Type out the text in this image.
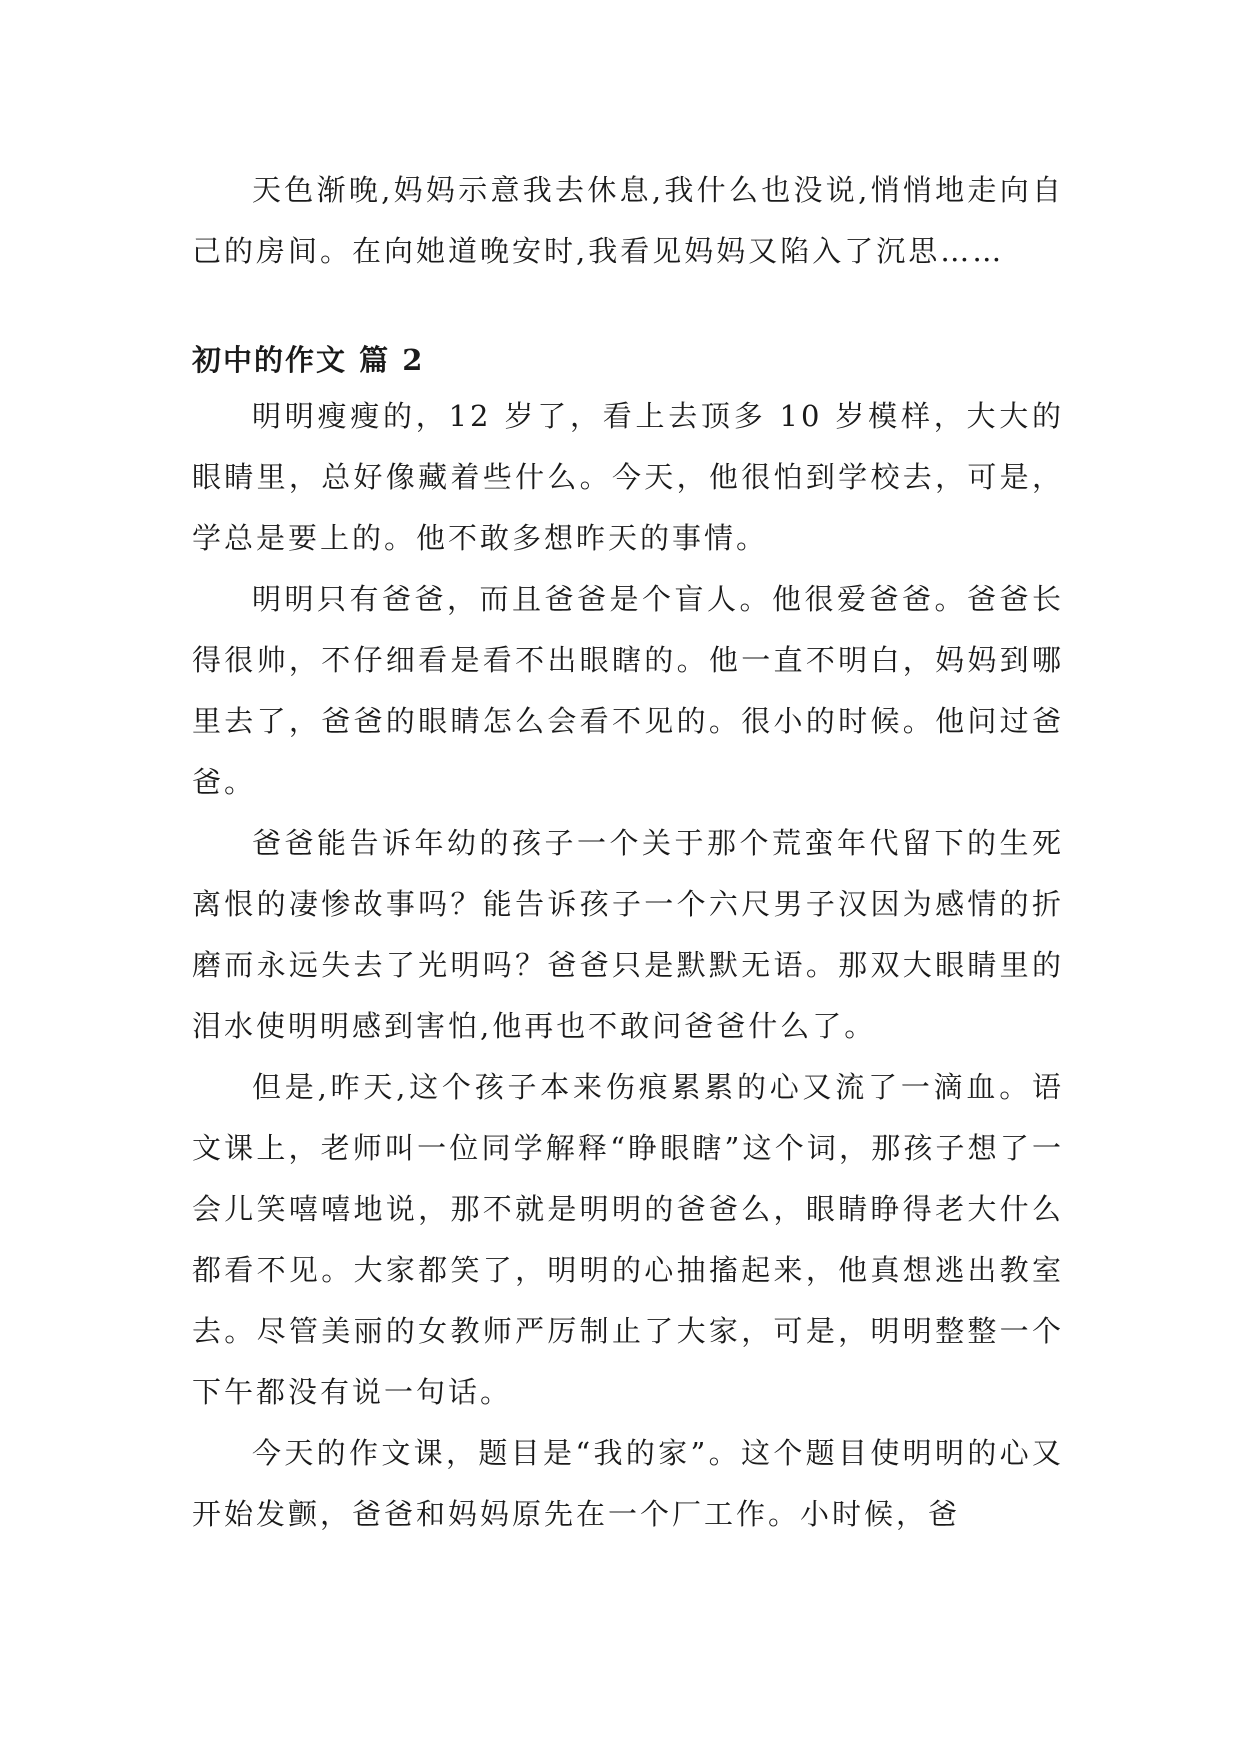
天色渐晚,妈妈示意我去休息,我什么也没说,悄悄地走向自己的房间。在向她道晚安时,我看见妈妈又陷入了沉思……

初中的作文 篇 2

明明瘦瘦的，12 岁了，看上去顶多 10 岁模样，大大的眼睛里，总好像藏着些什么。今天，他很怕到学校去，可是，学总是要上的。他不敢多想昨天的事情。

明明只有爸爸，而且爸爸是个盲人。他很爱爸爸。爸爸长得很帅，不仔细看是看不出眼瞎的。他一直不明白，妈妈到哪里去了，爸爸的眼睛怎么会看不见的。很小的时候。他问过爸爸。

爸爸能告诉年幼的孩子一个关于那个荒蛮年代留下的生死离恨的凄惨故事吗？能告诉孩子一个六尺男子汉因为感情的折磨而永远失去了光明吗？爸爸只是默默无语。那双大眼睛里的泪水使明明感到害怕,他再也不敢问爸爸什么了。

但是,昨天,这个孩子本来伤痕累累的心又流了一滴血。语文课上，老师叫一位同学解释“睁眼瞎”这个词，那孩子想了一会儿笑嘻嘻地说，那不就是明明的爸爸么，眼睛睁得老大什么都看不见。大家都笑了，明明的心抽搐起来，他真想逃出教室去。尽管美丽的女教师严厉制止了大家，可是，明明整整一个下午都没有说一句话。

今天的作文课，题目是“我的家”。这个题目使明明的心又开始发颤，爸爸和妈妈原先在一个厂工作。小时候，爸
